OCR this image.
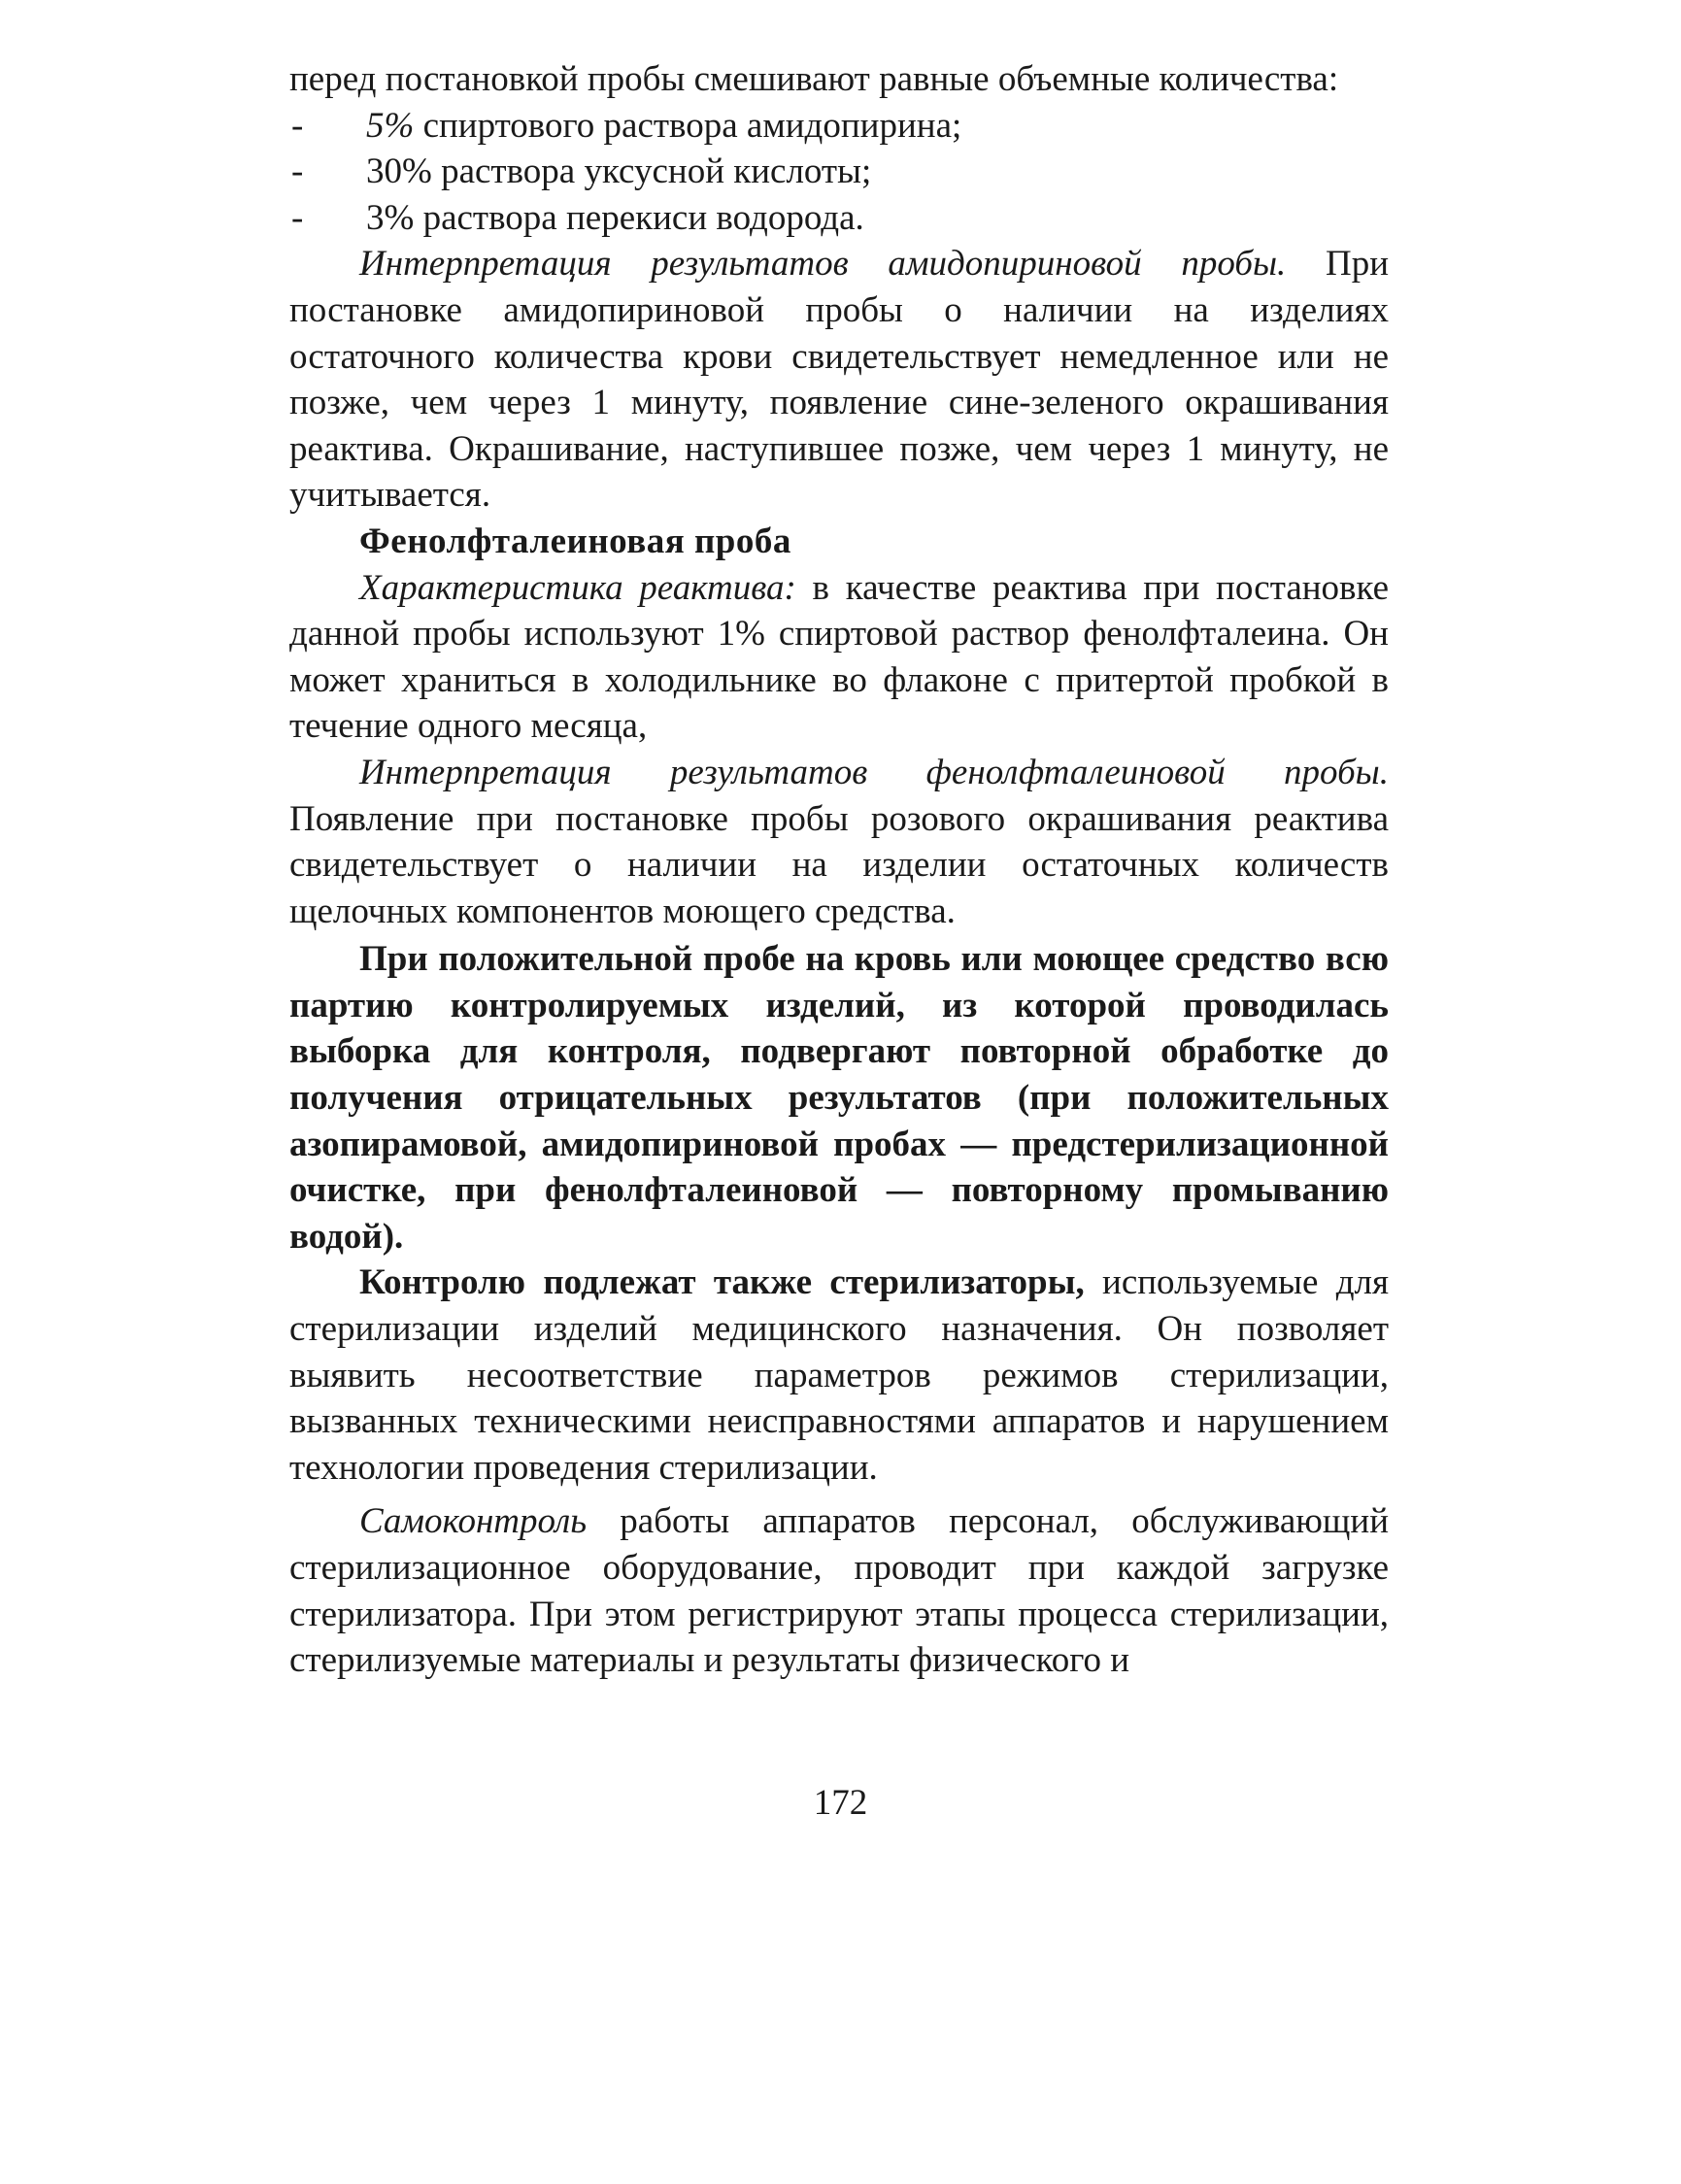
перед постановкой пробы смешивают равные объемные количества:

- 5% спиртового раствора амидопирина;
- 30% раствора уксусной кислоты;
- 3% раствора перекиси водорода.

Интерпретация результатов амидопириновой пробы. При постановке амидопириновой пробы о наличии на изделиях остаточного количества крови свидетельствует немедленное или не позже, чем через 1 минуту, появление сине-зеленого окрашивания реактива. Окрашивание, наступившее позже, чем через 1 минуту, не учитывается.

Фенолфталеиновая проба

Характеристика реактива: в качестве реактива при постановке данной пробы используют 1% спиртовой раствор фенолфталеина. Он может храниться в холодильнике во флаконе с притертой пробкой в течение одного месяца,

Интерпретация результатов фенолфталеиновой пробы. Появление при постановке пробы розового окрашивания реактива свидетельствует о наличии на изделии остаточных количеств щелочных компонентов моющего средства.

При положительной пробе на кровь или моющее средство всю партию контролируемых изделий, из которой проводилась выборка для контроля, подвергают повторной обработке до получения отрицательных результатов (при положительных азопирамовой, амидопириновой пробах — предстерилизационной очистке, при фенолфталеиновой — повторному промыванию водой).

Контролю подлежат также стерилизаторы, используемые для стерилизации изделий медицинского назначения. Он позволяет выявить несоответствие параметров режимов стерилизации, вызванных техническими неисправностями аппаратов и нарушением технологии проведения стерилизации.

Самоконтроль работы аппаратов персонал, обслуживающий стерилизационное оборудование, проводит при каждой загрузке стерилизатора. При этом регистрируют этапы процесса стерилизации, стерилизуемые материалы и результаты физического и

172
